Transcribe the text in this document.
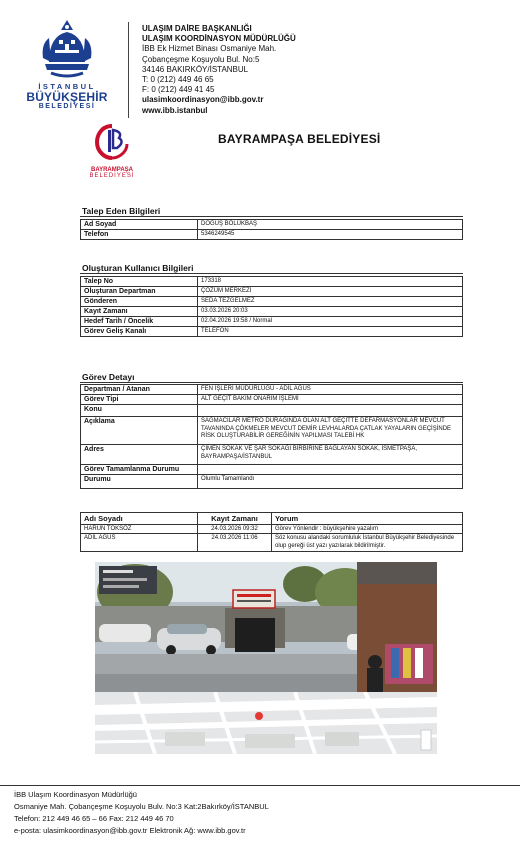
İSTANBUL
BÜYÜKŞEHİR
BELEDİYESİ
ULAŞIM DAİRE BAŞKANLIĞI
ULAŞIM KOORDİNASYON MÜDÜRLÜĞÜ
İBB Ek Hizmet Binası Osmaniye Mah.
Çobançeşme Koşuyolu Bul. No:5
34146 BAKIRKÖY/İSTANBUL
T: 0 (212) 449 46 65
F: 0 (212) 449 41 45
ulasimkoordinasyon@ibb.gov.tr
www.ibb.istanbul
BAYRAMPAŞA
BELEDİYESİ
BAYRAMPAŞA BELEDİYESİ
Talep Eden Bilgileri
Ad Soyad	DOĞUŞ BÖLÜKBAŞ
Telefon	5346249545
Oluşturan Kullanıcı Bilgileri
Talep No	173318
Oluşturan Departman	ÇÖZÜM MERKEZİ
Gönderen	SEDA TEZGELMEZ
Kayıt Zamanı	03.03.2026 20:03
Hedef Tarih / Öncelik	02.04.2026 19:58 / Normal
Görev Geliş Kanalı	TELEFON
Görev Detayı
Departman / Atanan	FEN İŞLERİ MÜDÜRLÜĞÜ - ADİL AGUS
Görev Tipi	ALT GEÇİT BAKIM ONARIM İŞLEMİ
Konu	
Açıklama	SAĞMACILAR METRO DURAĞINDA OLAN ALT GEÇİTTE DEFARMASYONLAR MEVCUT TAVANINDA ÇÖKMELER MEVCUT DEMİR LEVHALARDA ÇATLAK YAYALARIN GEÇİŞİNDE RİSK OLUŞTURABİLİR GEREĞİNİN YAPILMASI TALEBİ HK
Adres	ÇİMEN SOKAK VE ŞAR SOKAĞI BİRBİRİNE BAĞLAYAN SOKAK, İSMETPAŞA, BAYRAMPAŞA/İSTANBUL
Görev Tamamlanma Durumu	
Durumu	Olumlu Tamamlandı
Adı Soyadı	Kayıt Zamanı	Yorum
HARUN TOKSÖZ	24.03.2026 09:32	Görev Yönlendir : büyükşehire yazalım
ADİL AGUS	24.03.2026 11:06	Söz konusu alandaki sorumluluk İstanbul Büyükşehir Belediyesinde olup gereği üst yazı yazılarak bildirilmiştir.
İBB Ulaşım Koordinasyon Müdürlüğü
Osmaniye Mah. Çobançeşme Koşuyolu Bulv. No:3 Kat:2Bakırköy/İSTANBUL
Telefon: 212 449 46 65 – 66 Fax: 212 449 46 70
e-posta: ulasimkoordinasyon@ibb.gov.tr Elektronik Ağ: www.ibb.gov.tr
